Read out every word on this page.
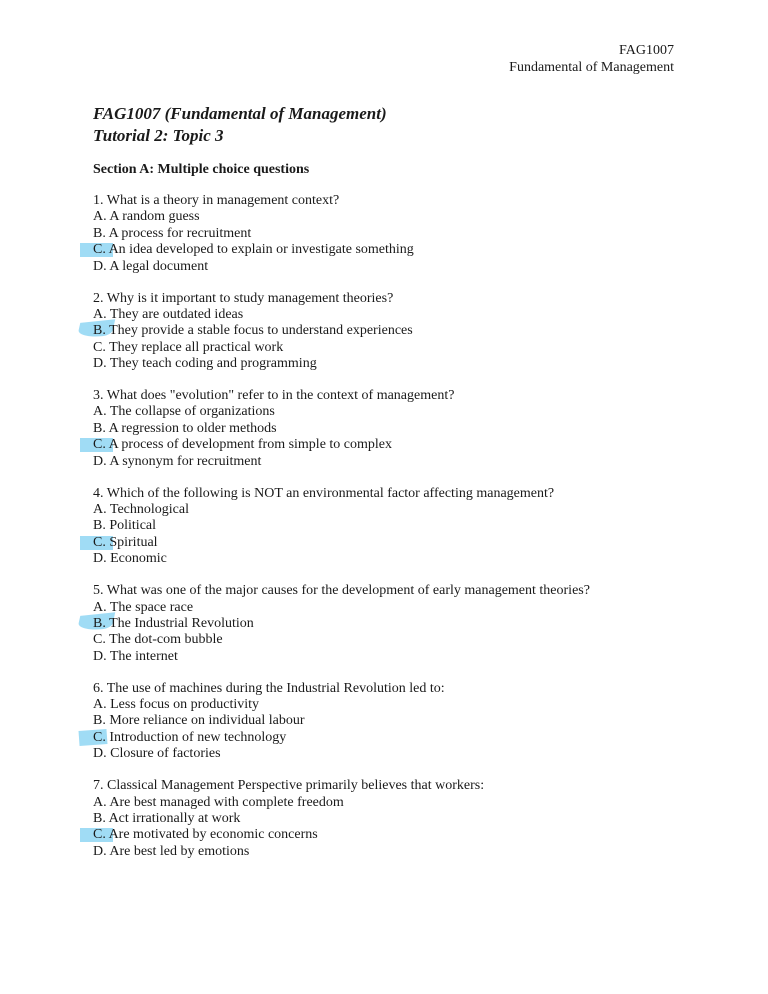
FAG1007
Fundamental of Management
FAG1007 (Fundamental of Management)
Tutorial 2: Topic 3
Section A: Multiple choice questions
1. What is a theory in management context?
A. A random guess
B. A process for recruitment
C. An idea developed to explain or investigate something
D. A legal document
2. Why is it important to study management theories?
A. They are outdated ideas
B. They provide a stable focus to understand experiences
C. They replace all practical work
D. They teach coding and programming
3. What does "evolution" refer to in the context of management?
A. The collapse of organizations
B. A regression to older methods
C. A process of development from simple to complex
D. A synonym for recruitment
4. Which of the following is NOT an environmental factor affecting management?
A. Technological
B. Political
C. Spiritual
D. Economic
5. What was one of the major causes for the development of early management theories?
A. The space race
B. The Industrial Revolution
C. The dot-com bubble
D. The internet
6. The use of machines during the Industrial Revolution led to:
A. Less focus on productivity
B. More reliance on individual labour
C. Introduction of new technology
D. Closure of factories
7. Classical Management Perspective primarily believes that workers:
A. Are best managed with complete freedom
B. Act irrationally at work
C. Are motivated by economic concerns
D. Are best led by emotions
